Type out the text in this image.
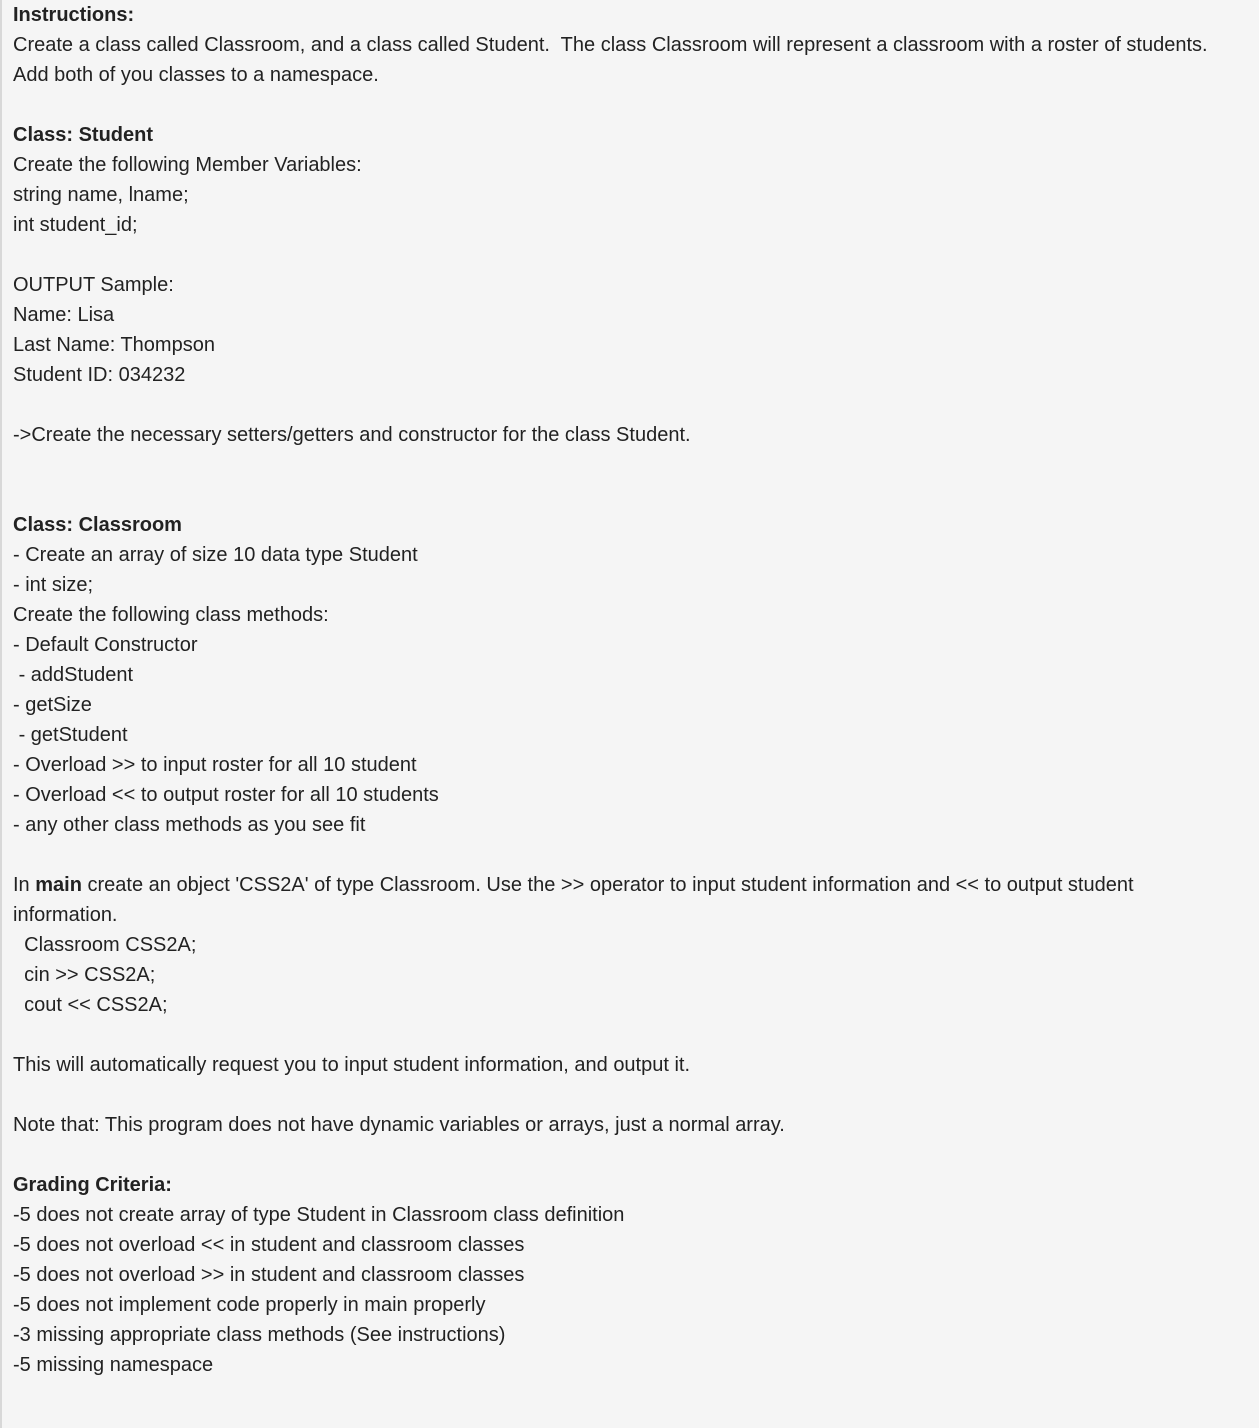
Instructions:
Create a class called Classroom, and a class called Student.  The class Classroom will represent a classroom with a roster of students.
Add both of you classes to a namespace.
Class: Student
Create the following Member Variables:
string name, lname;
int student_id;
OUTPUT Sample:
Name: Lisa
Last Name: Thompson
Student ID: 034232
->Create the necessary setters/getters and constructor for the class Student.
Class: Classroom
- Create an array of size 10 data type Student
- int size;
Create the following class methods:
- Default Constructor
- addStudent
- getSize
- getStudent
- Overload >> to input roster for all 10 student
- Overload << to output roster for all 10 students
- any other class methods as you see fit
In main create an object 'CSS2A' of type Classroom. Use the >> operator to input student information and << to output student information.
Classroom CSS2A;
cin >> CSS2A;
cout << CSS2A;
This will automatically request you to input student information, and output it.
Note that: This program does not have dynamic variables or arrays, just a normal array.
Grading Criteria:
-5 does not create array of type Student in Classroom class definition
-5 does not overload << in student and classroom classes
-5 does not overload >> in student and classroom classes
-5 does not implement code properly in main properly
-3 missing appropriate class methods (See instructions)
-5 missing namespace
